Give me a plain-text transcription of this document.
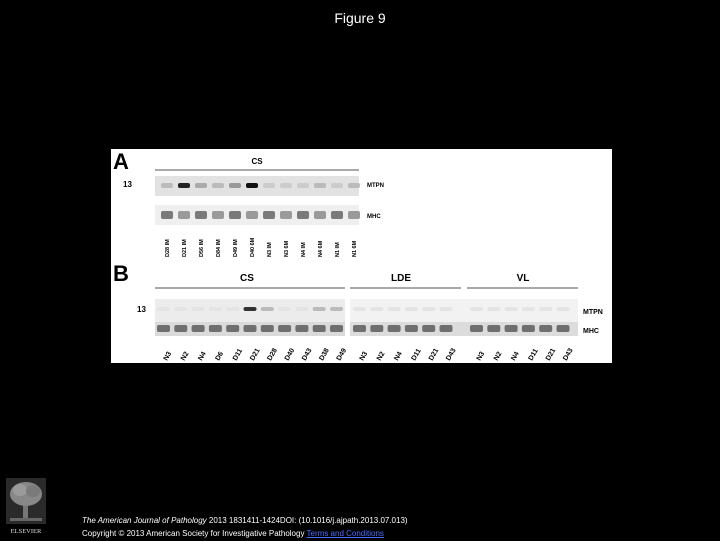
Figure 9
A	CS
13	MTPN
MHC
D28 IM D21 IM D56 IM D84 IM D49 IM D40 6M N3 IM N3 6M N4 IM N4 6M N1 IM N1 6M
B	CS	LDE	VL
13	MTPN
MHC
N3 N2 N4 D6 D11 D21 D28 D40 D43 D38 D49 N3 N2 N4 D11 D21 D43	N3 N2 N4 D11 D21 D43
ELSEVIER
The American Journal of Pathology 2013 1831411-1424DOI: (10.1016/j.ajpath.2013.07.013)
Copyright © 2013 American Society for Investigative Pathology Terms and Conditions
